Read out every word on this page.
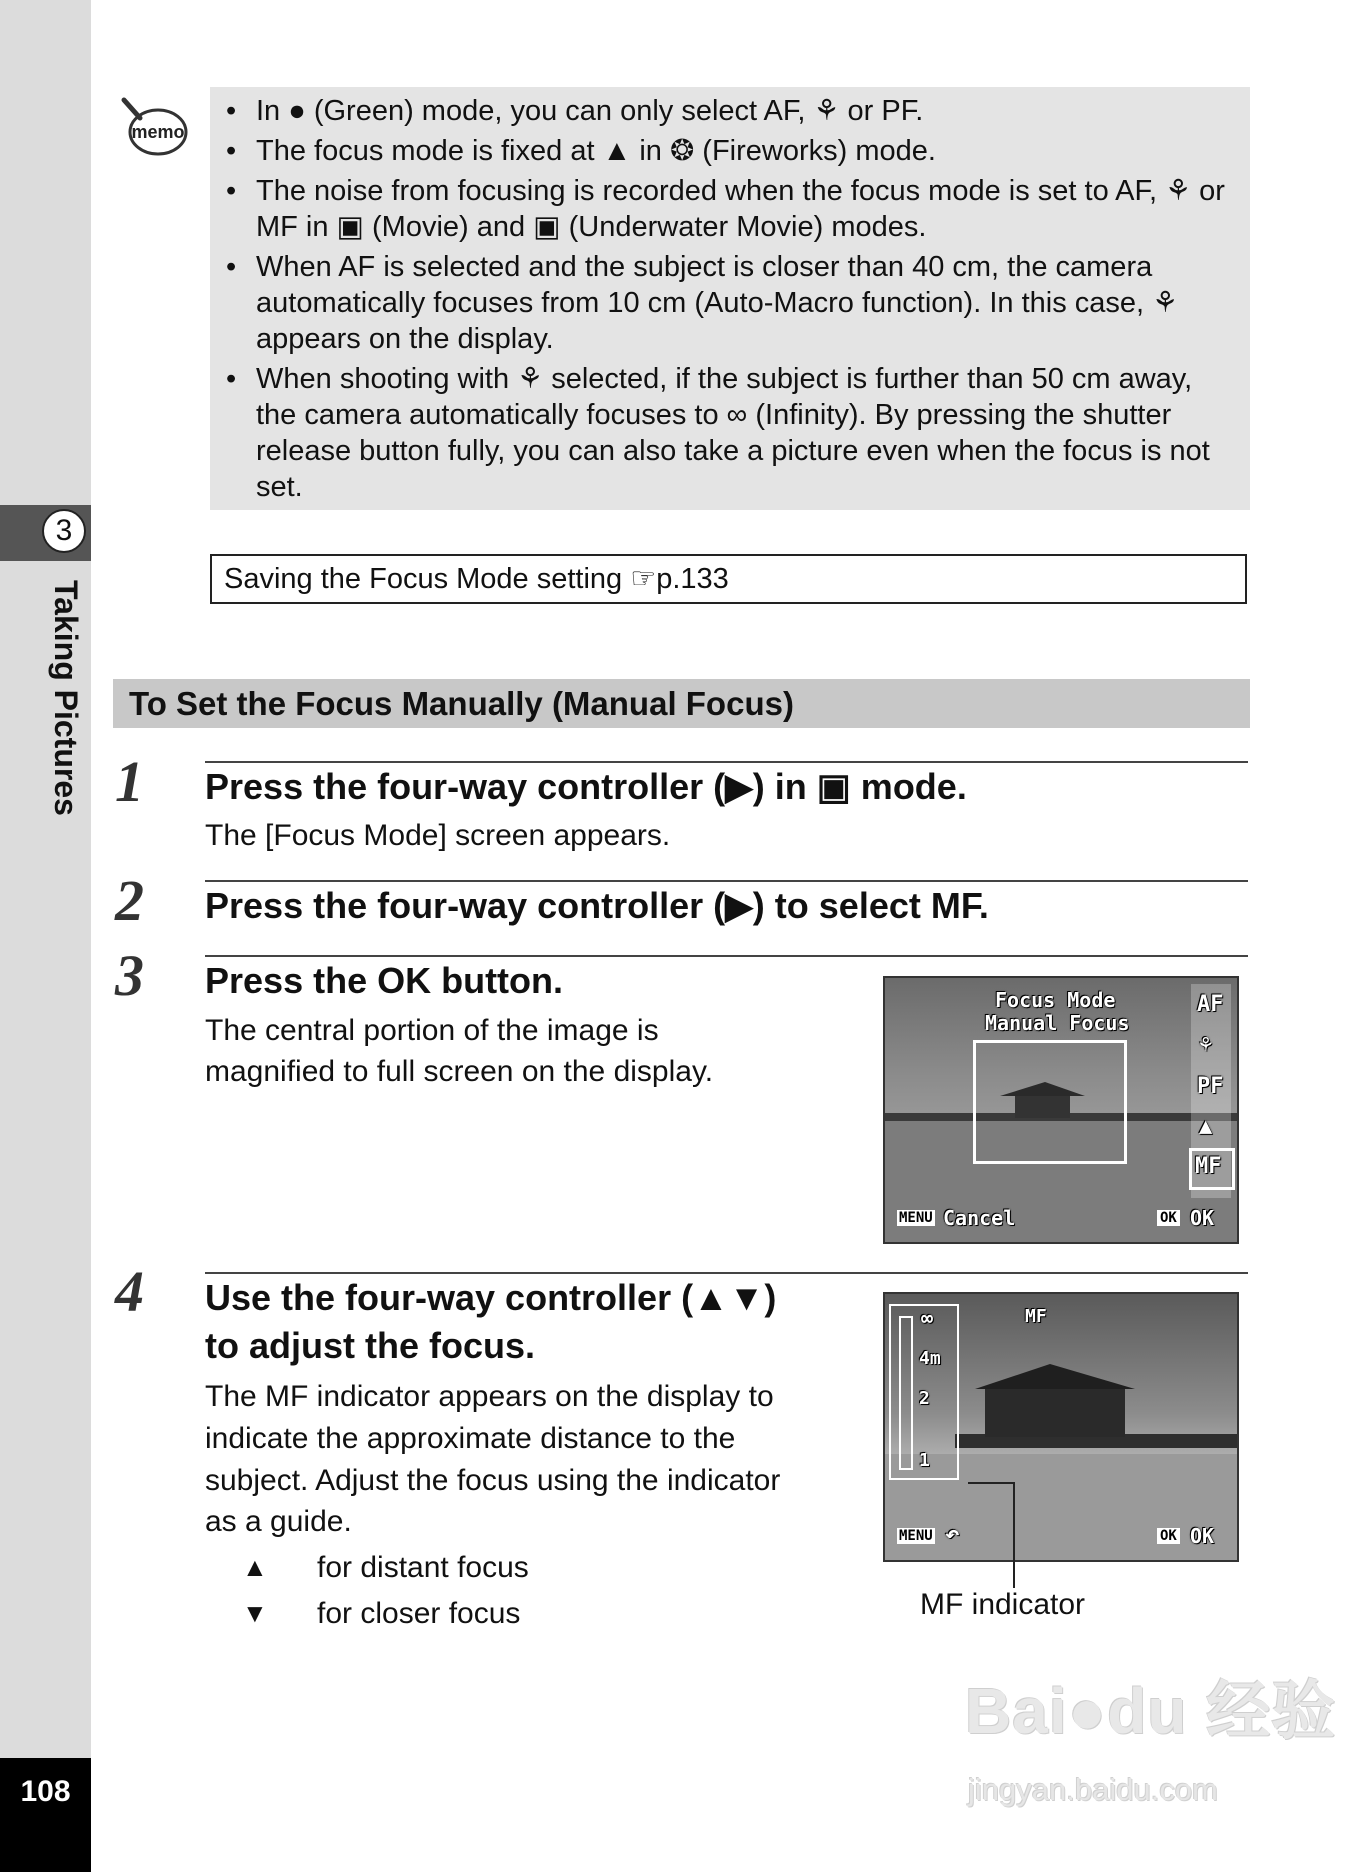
3
Taking Pictures
108
memo
• In ● (Green) mode, you can only select AF, ⚘ or PF.
• The focus mode is fixed at ▲ in ❂ (Fireworks) mode.
• The noise from focusing is recorded when the focus mode is set to AF, ⚘ or MF in ▣ (Movie) and ▣ (Underwater Movie) modes.
• When AF is selected and the subject is closer than 40 cm, the camera automatically focuses from 10 cm (Auto-Macro function). In this case, ⚘ appears on the display.
• When shooting with ⚘ selected, if the subject is further than 50 cm away, the camera automatically focuses to ∞ (Infinity). By pressing the shutter release button fully, you can also take a picture even when the focus is not set.
Saving the Focus Mode setting ☞p.133
To Set the Focus Manually (Manual Focus)
1 Press the four-way controller (▶) in ▣ mode.
The [Focus Mode] screen appears.
2 Press the four-way controller (▶) to select MF.
3 Press the OK button.
The central portion of the image is
magnified to full screen on the display.
Focus Mode
Manual Focus
AF
⚘
PF
▲
MF
MENU Cancel	OK OK
4 Use the four-way controller (▲▼)
to adjust the focus.
The MF indicator appears on the display to
indicate the approximate distance to the
subject. Adjust the focus using the indicator
as a guide.
▲ for distant focus
▼ for closer focus
MF
∞
4m
2
1
MENU ↶	OK OK
MF indicator
Bai●du 经验
jingyan.baidu.com
